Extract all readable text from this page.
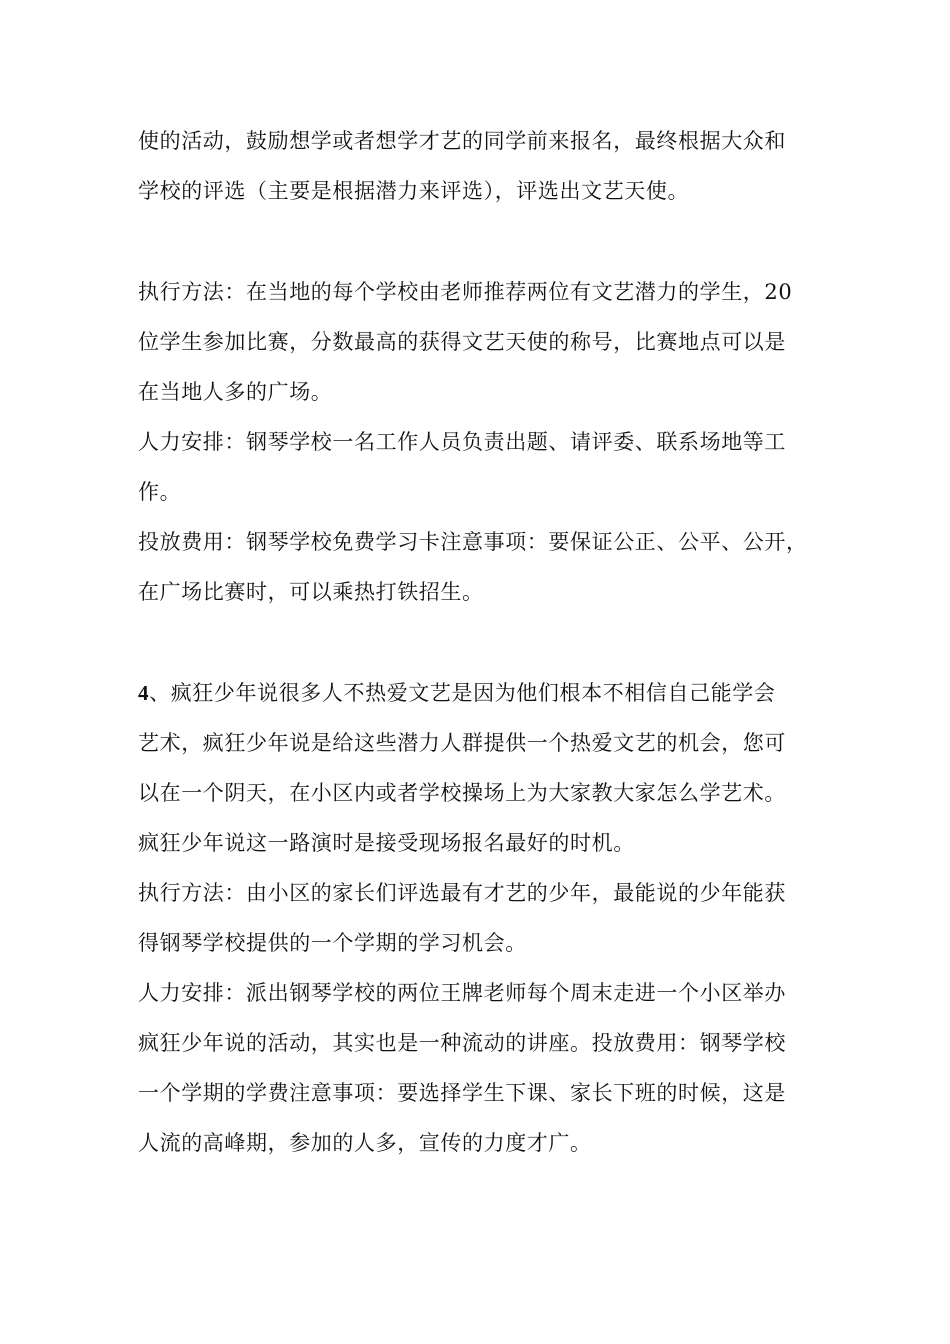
使的活动，鼓励想学或者想学才艺的同学前来报名，最终根据大众和
学校的评选（主要是根据潜力来评选），评选出文艺天使。
执行方法：在当地的每个学校由老师推荐两位有文艺潜力的学生，20
位学生参加比赛，分数最高的获得文艺天使的称号，比赛地点可以是
在当地人多的广场。
人力安排：钢琴学校一名工作人员负责出题、请评委、联系场地等工
作。
投放费用：钢琴学校免费学习卡注意事项：要保证公正、公平、公开，
在广场比赛时，可以乘热打铁招生。
4、疯狂少年说很多人不热爱文艺是因为他们根本不相信自己能学会
艺术，疯狂少年说是给这些潜力人群提供一个热爱文艺的机会，您可
以在一个阴天，在小区内或者学校操场上为大家教大家怎么学艺术。
疯狂少年说这一路演时是接受现场报名最好的时机。
执行方法：由小区的家长们评选最有才艺的少年，最能说的少年能获
得钢琴学校提供的一个学期的学习机会。
人力安排：派出钢琴学校的两位王牌老师每个周末走进一个小区举办
疯狂少年说的活动，其实也是一种流动的讲座。投放费用：钢琴学校
一个学期的学费注意事项：要选择学生下课、家长下班的时候，这是
人流的高峰期，参加的人多，宣传的力度才广。
